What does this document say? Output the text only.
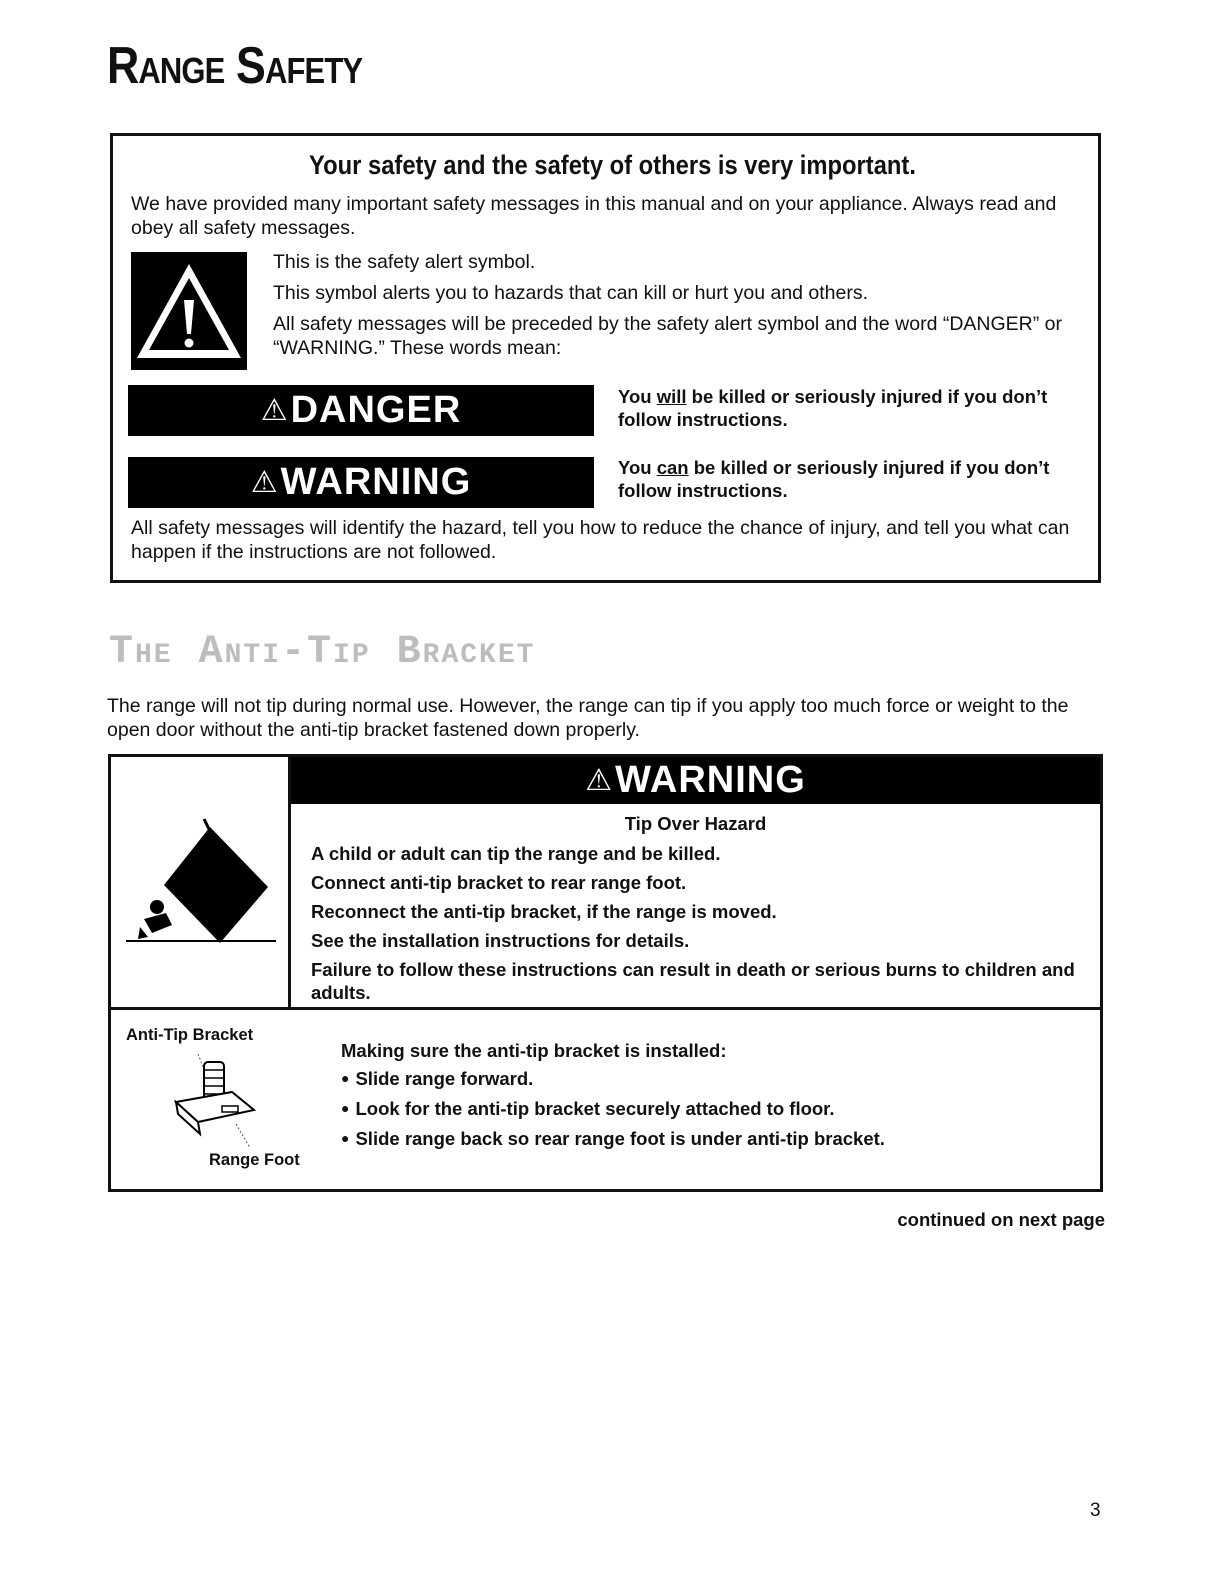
Range Safety
Your safety and the safety of others is very important.

We have provided many important safety messages in this manual and on your appliance. Always read and obey all safety messages.

This is the safety alert symbol.

This symbol alerts you to hazards that can kill or hurt you and others.

All safety messages will be preceded by the safety alert symbol and the word “DANGER” or “WARNING.” These words mean:

⚠ DANGER	You will be killed or seriously injured if you don’t follow instructions.

⚠ WARNING	You can be killed or seriously injured if you don’t follow instructions.

All safety messages will identify the hazard, tell you how to reduce the chance of injury, and tell you what can happen if the instructions are not followed.

The Anti-Tip Bracket

The range will not tip during normal use. However, the range can tip if you apply too much force or weight to the open door without the anti-tip bracket fastened down properly.

⚠ WARNING

Tip Over Hazard

A child or adult can tip the range and be killed.

Connect anti-tip bracket to rear range foot.

Reconnect the anti-tip bracket, if the range is moved.

See the installation instructions for details.

Failure to follow these instructions can result in death or serious burns to children and adults.

Anti-Tip Bracket

Range Foot

Making sure the anti-tip bracket is installed:

● Slide range forward.
● Look for the anti-tip bracket securely attached to floor.
● Slide range back so rear range foot is under anti-tip bracket.

continued on next page

3
